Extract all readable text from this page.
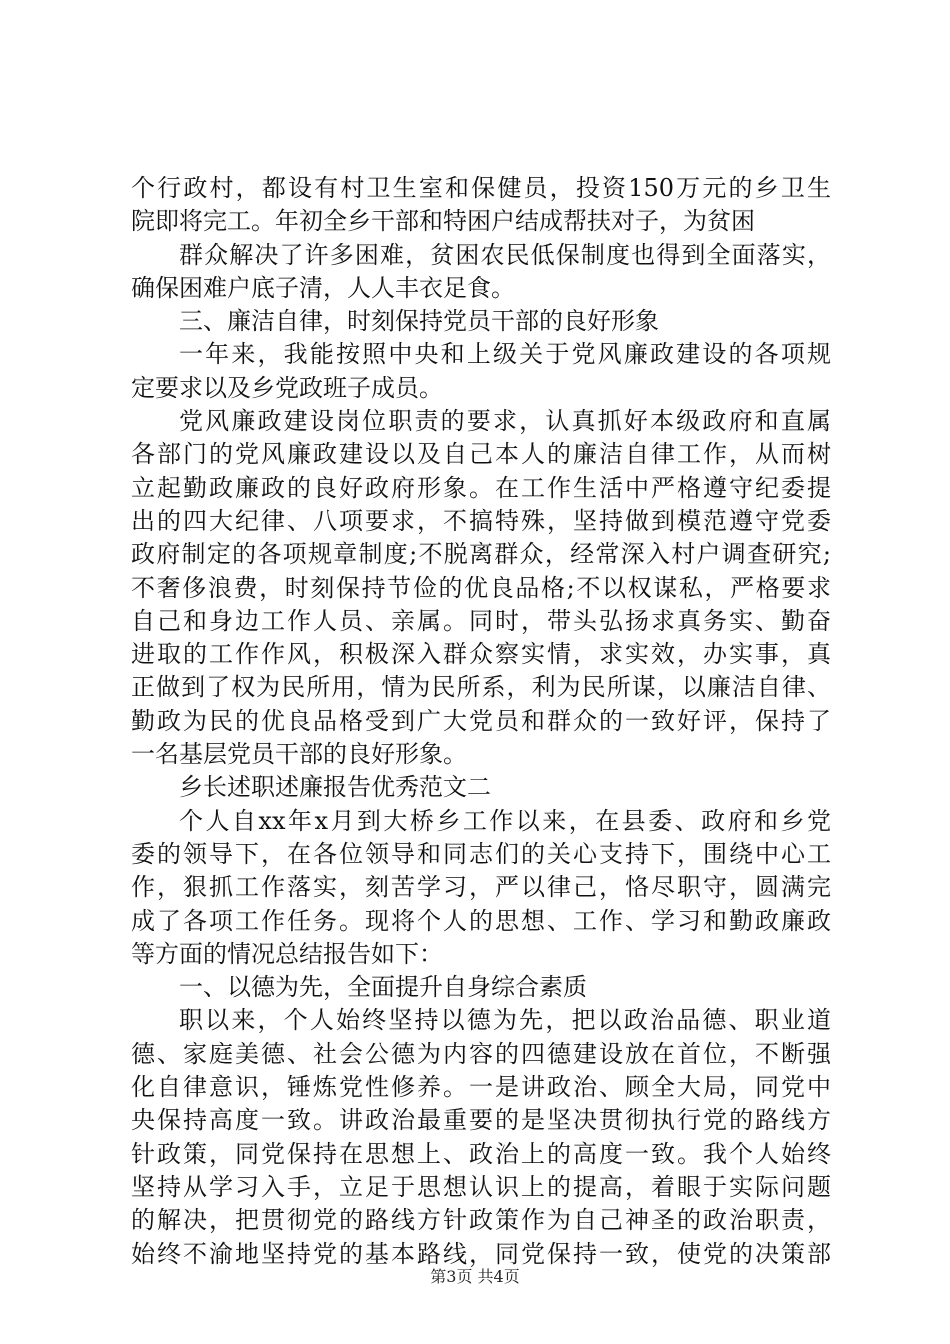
个行政村，都设有村卫生室和保健员，投资150万元的乡卫生
院即将完工。年初全乡干部和特困户结成帮扶对子，为贫困
群众解决了许多困难，贫困农民低保制度也得到全面落实，
确保困难户底子清，人人丰衣足食。
三、廉洁自律，时刻保持党员干部的良好形象
一年来，我能按照中央和上级关于党风廉政建设的各项规
定要求以及乡党政班子成员。
党风廉政建设岗位职责的要求，认真抓好本级政府和直属
各部门的党风廉政建设以及自己本人的廉洁自律工作，从而树
立起勤政廉政的良好政府形象。在工作生活中严格遵守纪委提
出的四大纪律、八项要求，不搞特殊，坚持做到模范遵守党委
政府制定的各项规章制度;不脱离群众，经常深入村户调查研究;
不奢侈浪费，时刻保持节俭的优良品格;不以权谋私，严格要求
自己和身边工作人员、亲属。同时，带头弘扬求真务实、勤奋
进取的工作作风，积极深入群众察实情，求实效，办实事，真
正做到了权为民所用，情为民所系，利为民所谋，以廉洁自律、
勤政为民的优良品格受到广大党员和群众的一致好评，保持了
一名基层党员干部的良好形象。
乡长述职述廉报告优秀范文二
个人自xx年x月到大桥乡工作以来，在县委、政府和乡党
委的领导下，在各位领导和同志们的关心支持下，围绕中心工
作，狠抓工作落实，刻苦学习，严以律己，恪尽职守，圆满完
成了各项工作任务。现将个人的思想、工作、学习和勤政廉政
等方面的情况总结报告如下：
一、以德为先，全面提升自身综合素质
职以来，个人始终坚持以德为先，把以政治品德、职业道
德、家庭美德、社会公德为内容的四德建设放在首位，不断强
化自律意识，锤炼党性修养。一是讲政治、顾全大局，同党中
央保持高度一致。讲政治最重要的是坚决贯彻执行党的路线方
针政策，同党保持在思想上、政治上的高度一致。我个人始终
坚持从学习入手，立足于思想认识上的提高，着眼于实际问题
的解决，把贯彻党的路线方针政策作为自己神圣的政治职责，
始终不渝地坚持党的基本路线，同党保持一致，使党的决策部
第3页 共4页
